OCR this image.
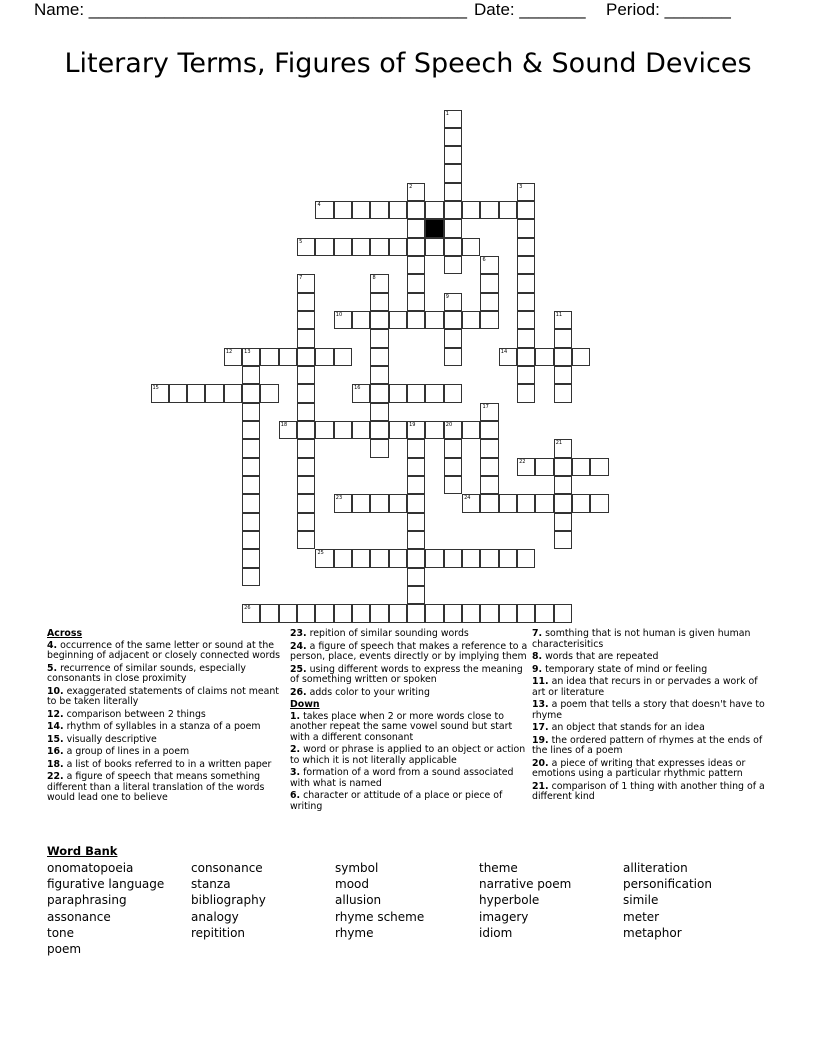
Name: ________________________________________ Date: _______ Period: _______
Literary Terms, Figures of Speech & Sound Devices
1
2	3
4
5
6
7	8
9
10	11
12 13	14
15	16
17
18	19	20
21
22
23	24
25
26
Across
4. occurrence of the same letter or sound at the beginning of adjacent or closely connected words
5. recurrence of similar sounds, especially consonants in close proximity
10. exaggerated statements of claims not meant to be taken literally
12. comparison between 2 things
14. rhythm of syllables in a stanza of a poem
15. visually descriptive
16. a group of lines in a poem
18. a list of books referred to in a written paper
22. a figure of speech that means something different than a literal translation of the words would lead one to believe
23. repition of similar sounding words
24. a figure of speech that makes a reference to a person, place, events directly or by implying them
25. using different words to express the meaning of something written or spoken
26. adds color to your writing
Down
1. takes place when 2 or more words close to another repeat the same vowel sound but start with a different consonant
2. word or phrase is applied to an object or action to which it is not literally applicable
3. formation of a word from a sound associated with what is named
6. character or attitude of a place or piece of writing
7. somthing that is not human is given human characterisitics
8. words that are repeated
9. temporary state of mind or feeling
11. an idea that recurs in or pervades a work of art or literature
13. a poem that tells a story that doesn't have to rhyme
17. an object that stands for an idea
19. the ordered pattern of rhymes at the ends of the lines of a poem
20. a piece of writing that expresses ideas or emotions using a particular rhythmic pattern
21. comparison of 1 thing with another thing of a different kind
Word Bank
onomatopoeia	consonance	symbol	theme	alliteration
figurative language	stanza	mood	narrative poem	personification
paraphrasing	bibliography	allusion	hyperbole	simile
assonance	analogy	rhyme scheme	imagery	meter
tone	repitition	rhyme	idiom	metaphor
poem
